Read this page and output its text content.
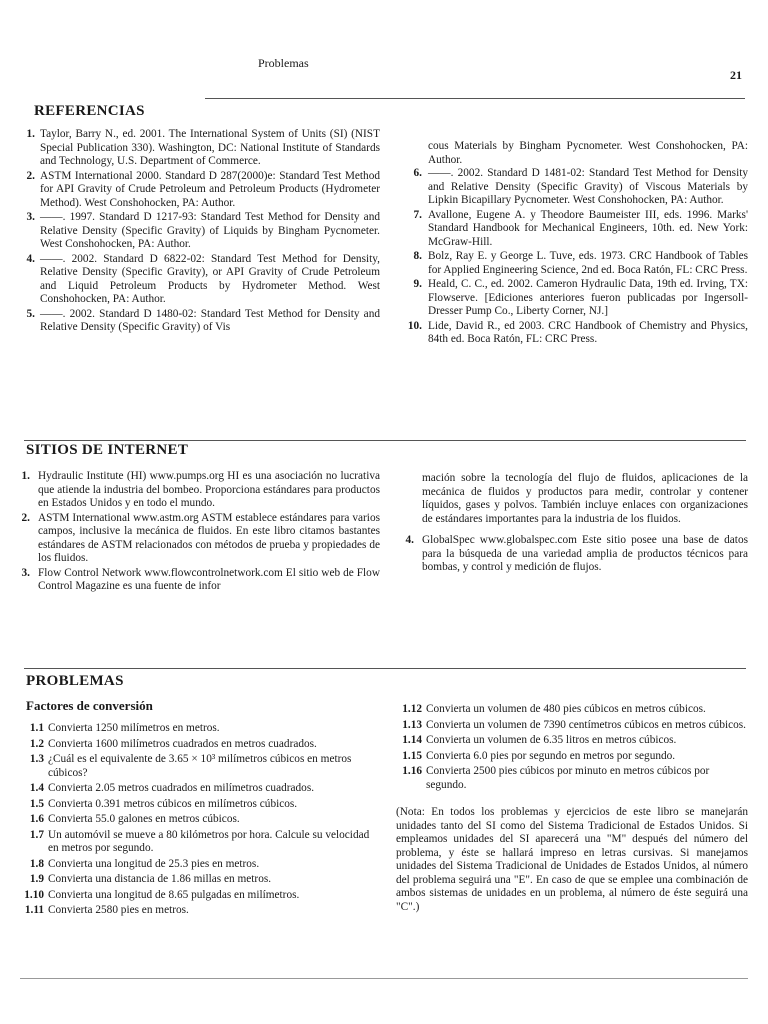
Problemas
21
REFERENCIAS
1. Taylor, Barry N., ed. 2001. The International System of Units (SI) (NIST Special Publication 330). Washington, DC: National Institute of Standards and Technology, U.S. Department of Commerce.
2. ASTM International 2000. Standard D 287(2000)e: Standard Test Method for API Gravity of Crude Petroleum and Petroleum Products (Hydrometer Method). West Conshohocken, PA: Author.
3. ——. 1997. Standard D 1217-93: Standard Test Method for Density and Relative Density (Specific Gravity) of Liquids by Bingham Pycnometer. West Conshohocken, PA: Author.
4. ——. 2002. Standard D 6822-02: Standard Test Method for Density, Relative Density (Specific Gravity), or API Gravity of Crude Petroleum and Liquid Petroleum Products by Hydrometer Method. West Conshohocken, PA: Author.
5. ——. 2002. Standard D 1480-02: Standard Test Method for Density and Relative Density (Specific Gravity) of Vis
cous Materials by Bingham Pycnometer. West Conshohocken, PA: Author.
6. ——. 2002. Standard D 1481-02: Standard Test Method for Density and Relative Density (Specific Gravity) of Viscous Materials by Lipkin Bicapillary Pycnometer. West Conshohocken, PA: Author.
7. Avallone, Eugene A. y Theodore Baumeister III, eds. 1996. Marks' Standard Handbook for Mechanical Engineers, 10th. ed. New York: McGraw-Hill.
8. Bolz, Ray E. y George L. Tuve, eds. 1973. CRC Handbook of Tables for Applied Engineering Science, 2nd ed. Boca Ratón, FL: CRC Press.
9. Heald, C. C., ed. 2002. Cameron Hydraulic Data, 19th ed. Irving, TX: Flowserve. [Ediciones anteriores fueron publicadas por Ingersoll-Dresser Pump Co., Liberty Corner, NJ.]
10. Lide, David R., ed 2003. CRC Handbook of Chemistry and Physics, 84th ed. Boca Ratón, FL: CRC Press.
SITIOS DE INTERNET
1. Hydraulic Institute (HI) www.pumps.org HI es una asociación no lucrativa que atiende la industria del bombeo. Proporciona estándares para productos en Estados Unidos y en todo el mundo.
2. ASTM International www.astm.org ASTM establece estándares para varios campos, inclusive la mecánica de fluidos. En este libro citamos bastantes estándares de ASTM relacionados con métodos de prueba y propiedades de los fluidos.
3. Flow Control Network www.flowcontrolnetwork.com El sitio web de Flow Control Magazine es una fuente de infor
mación sobre la tecnología del flujo de fluidos, aplicaciones de la mecánica de fluidos y productos para medir, controlar y contener líquidos, gases y polvos. También incluye enlaces con organizaciones de estándares importantes para la industria de los fluidos.
4. GlobalSpec www.globalspec.com Este sitio posee una base de datos para la búsqueda de una variedad amplia de productos técnicos para bombas, y control y medición de flujos.
PROBLEMAS
Factores de conversión
1.1 Convierta 1250 milímetros en metros.
1.2 Convierta 1600 milímetros cuadrados en metros cuadrados.
1.3 ¿Cuál es el equivalente de 3.65 × 10³ milímetros cúbicos en metros cúbicos?
1.4 Convierta 2.05 metros cuadrados en milímetros cuadrados.
1.5 Convierta 0.391 metros cúbicos en milímetros cúbicos.
1.6 Convierta 55.0 galones en metros cúbicos.
1.7 Un automóvil se mueve a 80 kilómetros por hora. Calcule su velocidad en metros por segundo.
1.8 Convierta una longitud de 25.3 pies en metros.
1.9 Convierta una distancia de 1.86 millas en metros.
1.10 Convierta una longitud de 8.65 pulgadas en milímetros.
1.11 Convierta 2580 pies en metros.
1.12 Convierta un volumen de 480 pies cúbicos en metros cúbicos.
1.13 Convierta un volumen de 7390 centímetros cúbicos en metros cúbicos.
1.14 Convierta un volumen de 6.35 litros en metros cúbicos.
1.15 Convierta 6.0 pies por segundo en metros por segundo.
1.16 Convierta 2500 pies cúbicos por minuto en metros cúbicos por segundo.
(Nota: En todos los problemas y ejercicios de este libro se manejarán unidades tanto del SI como del Sistema Tradicional de Estados Unidos. Si empleamos unidades del SI aparecerá una "M" después del número del problema, y éste se hallará impreso en letras cursivas. Si manejamos unidades del Sistema Tradicional de Unidades de Estados Unidos, al número del problema seguirá una "E". En caso de que se emplee una combinación de ambos sistemas de unidades en un problema, al número de éste seguirá una "C".)
